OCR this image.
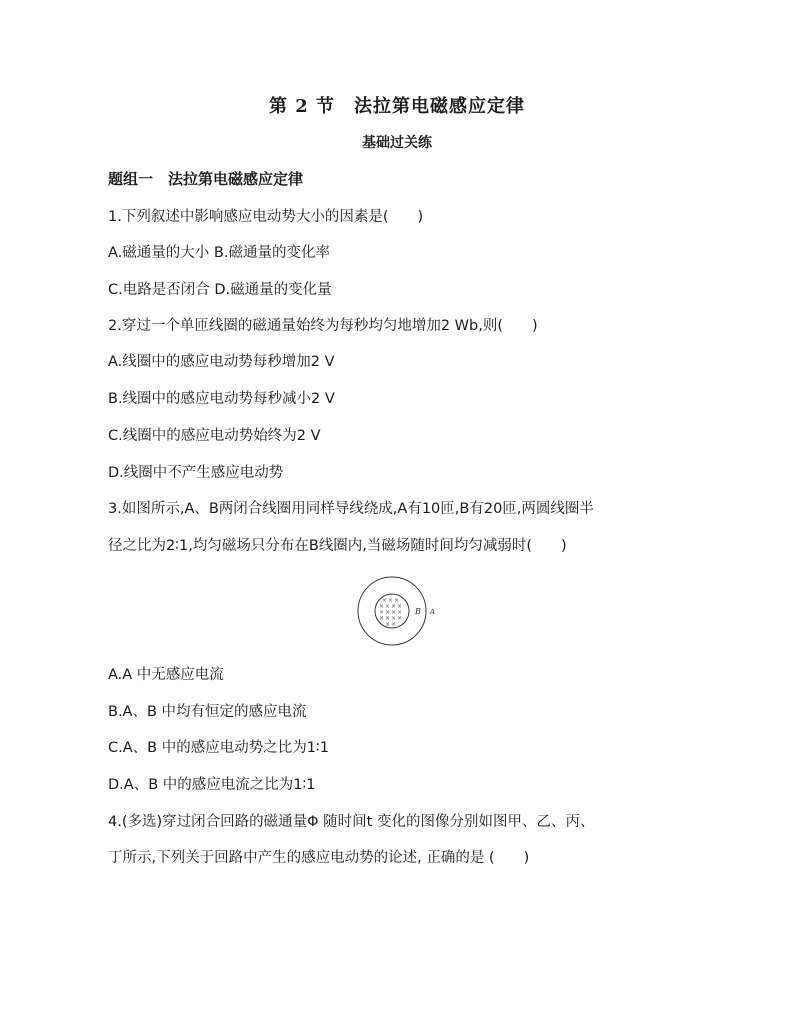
第 2 节　法拉第电磁感应定律
基础过关练
题组一　法拉第电磁感应定律
1.下列叙述中影响感应电动势大小的因素是(　　)
A.磁通量的大小 B.磁通量的变化率
C.电路是否闭合 D.磁通量的变化量
2.穿过一个单匝线圈的磁通量始终为每秒均匀地增加2 Wb,则(　　)
A.线圈中的感应电动势每秒增加2 V
B.线圈中的感应电动势每秒减小2 V
C.线圈中的感应电动势始终为2 V
D.线圈中不产生感应电动势
3.如图所示,A、B两闭合线圈用同样导线绕成,A有10匝,B有20匝,两圆线圈半
径之比为2∶1,均匀磁场只分布在B线圈内,当磁场随时间均匀减弱时(　　)
× × ×
× × × ×
× × × ×
× × × ×
× ×
B A
A.A 中无感应电流
B.A、B 中均有恒定的感应电流
C.A、B 中的感应电动势之比为1∶1
D.A、B 中的感应电流之比为1∶1
4.(多选)穿过闭合回路的磁通量Φ 随时间t 变化的图像分别如图甲、乙、丙、
丁所示,下列关于回路中产生的感应电动势的论述, 正确的是 (　　)
